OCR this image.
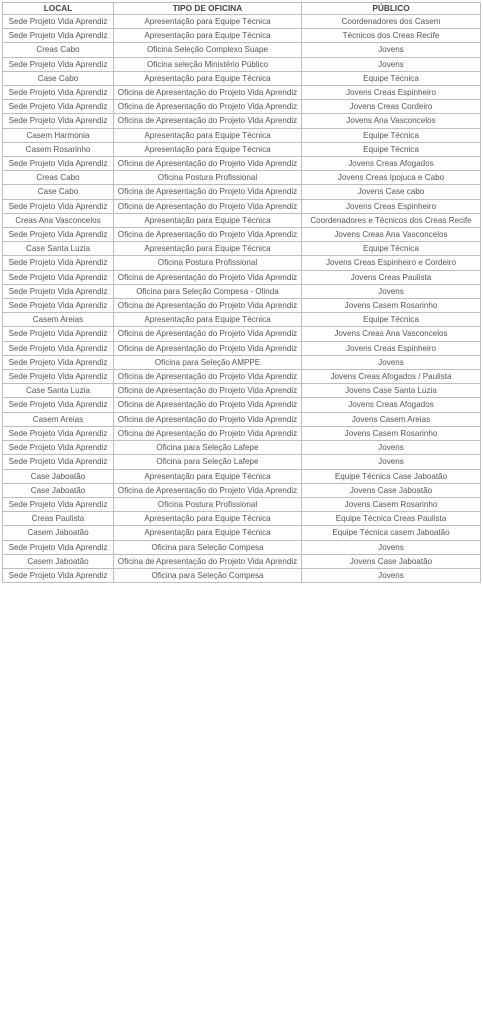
LOCAL	TIPO DE OFICINA	PÚBLICO
Sede Projeto Vida Aprendiz	Apresentação para Equipe Técnica	Coordenadores dos Casem
Sede Projeto Vida Aprendiz	Apresentação para Equipe Técnica	Técnicos dos Creas Recife
Creas Cabo	Oficina Seleção Complexo Suape	Jovens
Sede Projeto Vida Aprendiz	Oficina seleção Ministério Público	Jovens
Case Cabo	Apresentação para Equipe Técnica	Equipe Técnica
Sede Projeto Vida Aprendiz	Oficina de Apresentação do Projeto Vida Aprendiz	Jovens Creas Espinheiro
Sede Projeto Vida Aprendiz	Oficina de Apresentação do Projeto Vida Aprendiz	Jovens Creas Cordeiro
Sede Projeto Vida Aprendiz	Oficina de Apresentação do Projeto Vida Aprendiz	Jovens Ana Vasconcelos
Casem Harmonia	Apresentação para Equipe Técnica	Equipe Técnica
Casem Rosarinho	Apresentação para Equipe Técnica	Equipe Técnica
Sede Projeto Vida Aprendiz	Oficina de Apresentação do Projeto Vida Aprendiz	Jovens Creas Afogados
Creas Cabo	Oficina Postura Profissional	Jovens Creas Ipojuca e Cabo
Case Cabo	Oficina de Apresentação do Projeto Vida Aprendiz	Jovens Case cabo
Sede Projeto Vida Aprendiz	Oficina de Apresentação do Projeto Vida Aprendiz	Jovens Creas Espinheiro
Creas Ana Vasconcelos	Apresentação para Equipe Técnica	Coordenadores e Técnicos dos Creas Recife
Sede Projeto Vida Aprendiz	Oficina de Apresentação do Projeto Vida Aprendiz	Jovens Creas Ana Vasconcelos
Case Santa Luzia	Apresentação para Equipe Técnica	Equipe Técnica
Sede Projeto Vida Aprendiz	Oficina Postura Profissional	Jovens Creas Espinheiro e Cordeiro
Sede Projeto Vida Aprendiz	Oficina de Apresentação do Projeto Vida Aprendiz	Jovens Creas Paulista
Sede Projeto Vida Aprendiz	Oficina para Seleção Compesa - Olinda	Jovens
Sede Projeto Vida Aprendiz	Oficina de Apresentação do Projeto Vida Aprendiz	Jovens Casem Rosarinho
Casem Areias	Apresentação para Equipe Técnica	Equipe Técnica
Sede Projeto Vida Aprendiz	Oficina de Apresentação do Projeto Vida Aprendiz	Jovens Creas Ana Vasconcelos
Sede Projeto Vida Aprendiz	Oficina de Apresentação do Projeto Vida Aprendiz	Jovens Creas Espinheiro
Sede Projeto Vida Aprendiz	Oficina para Seleção AMPPE	Jovens
Sede Projeto Vida Aprendiz	Oficina de Apresentação do Projeto Vida Aprendiz	Jovens Creas Afogados / Paulista
Case Santa Luzia	Oficina de Apresentação do Projeto Vida Aprendiz	Jovens Case Santa Luzia
Sede Projeto Vida Aprendiz	Oficina de Apresentação do Projeto Vida Aprendiz	Jovens Creas Afogados
Casem Areias	Oficina de Apresentação do Projeto Vida Aprendiz	Jovens Casem Areias
Sede Projeto Vida Aprendiz	Oficina de Apresentação do Projeto Vida Aprendiz	Jovens Casem Rosarinho
Sede Projeto Vida Aprendiz	Oficina para Seleção Lafepe	Jovens
Sede Projeto Vida Aprendiz	Oficina para Seleção Lafepe	Jovens
Case Jaboatão	Apresentação para Equipe Técnica	Equipe Técnica Case Jaboatão
Case Jaboatão	Oficina de Apresentação do Projeto Vida Aprendiz	Jovens Case Jaboatão
Sede Projeto Vida Aprendiz	Oficina Postura Profissional	Jovens Casem Rosarinho
Creas Paulista	Apresentação para Equipe Técnica	Equipe Técnica Creas Paulista
Casem Jaboatão	Apresentação para Equipe Técnica	Equipe Técnica casem Jaboatão
Sede Projeto Vida Aprendiz	Oficina para Seleção Compesa	Jovens
Casem Jaboatão	Oficina de Apresentação do Projeto Vida Aprendiz	Jovens Case Jaboatão
Sede Projeto Vida Aprendiz	Oficina para Seleção Compesa	Jovens
